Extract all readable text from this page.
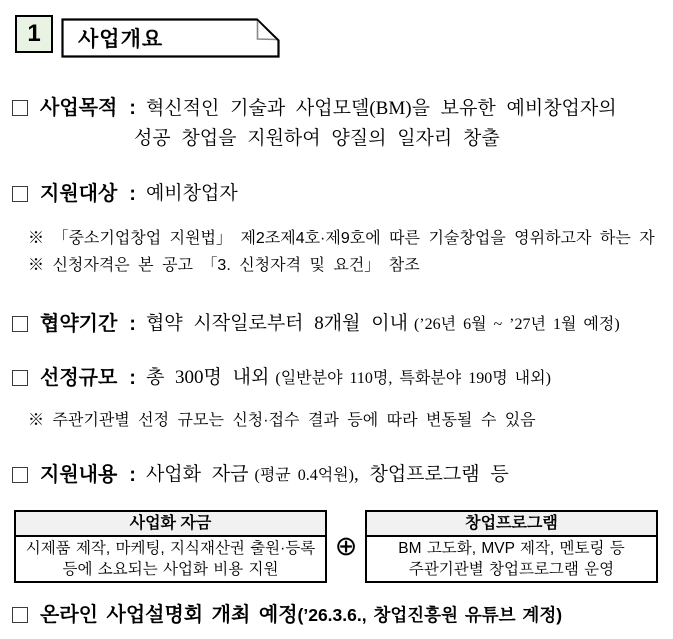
1	사업개요
사업목적 : 혁신적인 기술과 사업모델(BM)을 보유한 예비창업자의
성공 창업을 지원하여 양질의 일자리 창출
지원대상 : 예비창업자
※ 「중소기업창업 지원법」 제2조제4호·제9호에 따른 기술창업을 영위하고자 하는 자
※ 신청자격은 본 공고 「3. 신청자격 및 요건」 참조
협약기간 : 협약 시작일로부터 8개월 이내 (’26년 6월 ~ ’27년 1월 예정)
선정규모 : 총 300명 내외 (일반분야 110명, 특화분야 190명 내외)
※ 주관기관별 선정 규모는 신청·접수 결과 등에 따라 변동될 수 있음
지원내용 : 사업화 자금 (평균 0.4억원), 창업프로그램 등
사업화 자금
시제품 제작, 마케팅, 지식재산권 출원·등록
등에 소요되는 사업화 비용 지원
⊕
창업프로그램
BM 고도화, MVP 제작, 멘토링 등
주관기관별 창업프로그램 운영
온라인 사업설명회 개최 예정(’26.3.6., 창업진흥원 유튜브 계정)
